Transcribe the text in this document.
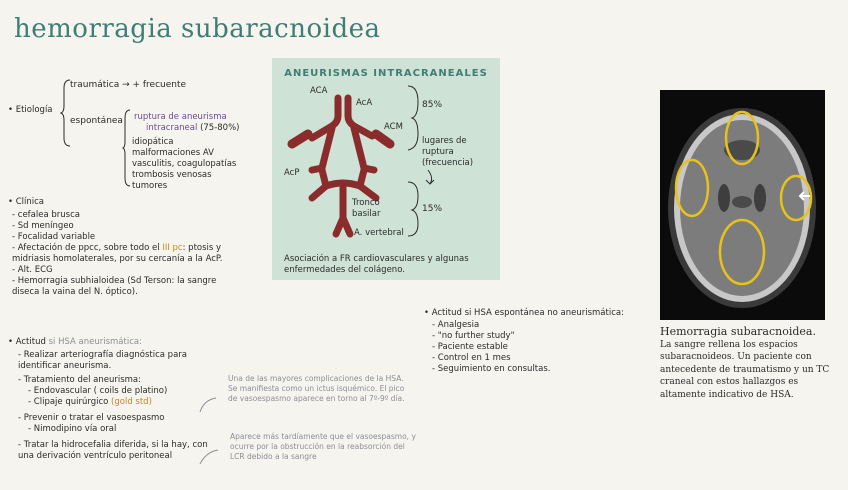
hemorragia subaracnoidea
• Etiología
traumática → + frecuente
espontánea ruptura de aneurisma
intracraneal (75-80%)
idiopática
malformaciones AV
vasculitis, coagulopatías
trombosis venosas
tumores
• Clínica
- cefalea brusca
- Sd meníngeo
- Focalidad variable
- Afectación de ppcc, sobre todo el III pc: ptosis y midriasis homolaterales, por su cercanía a la AcP.
- Alt. ECG
- Hemorragia subhialoidea (Sd Terson: la sangre diseca la vaina del N. óptico).
• Actitud si HSA aneurismática:
- Realizar arteriografía diagnóstica para identificar aneurisma.
- Tratamiento del aneurisma:
- Endovascular ( coils de platino)
- Clipaje quirúrgico (gold std)
- Prevenir o tratar el vasoespasmo
- Nimodipino vía oral
- Tratar la hidrocefalia diferida, si la hay, con una derivación ventrículo peritoneal
Una de las mayores complicaciones de la HSA. Se manifiesta como un ictus isquémico. El pico de vasoespasmo aparece en torno al 7º-9º día.
Aparece más tardíamente que el vasoespasmo, y ocurre por la obstrucción en la reabsorción del LCR debido a la sangre
ANEURISMAS INTRACRANEALES
ACA
AcA
ACM
AcP
Tronco basilar
A. vertebral
85%
15%
lugares de ruptura (frecuencia)
Asociación a FR cardiovasculares y algunas enfermedades del colágeno.
• Actitud si HSA espontánea no aneurismática:
- Analgesia
- "no further study"
- Paciente estable
- Control en 1 mes
- Seguimiento en consultas.
Hemorragia subaracnoidea.
La sangre rellena los espacios subaracnoideos. Un paciente con antecedente de traumatismo y un TC craneal con estos hallazgos es altamente indicativo de HSA.
